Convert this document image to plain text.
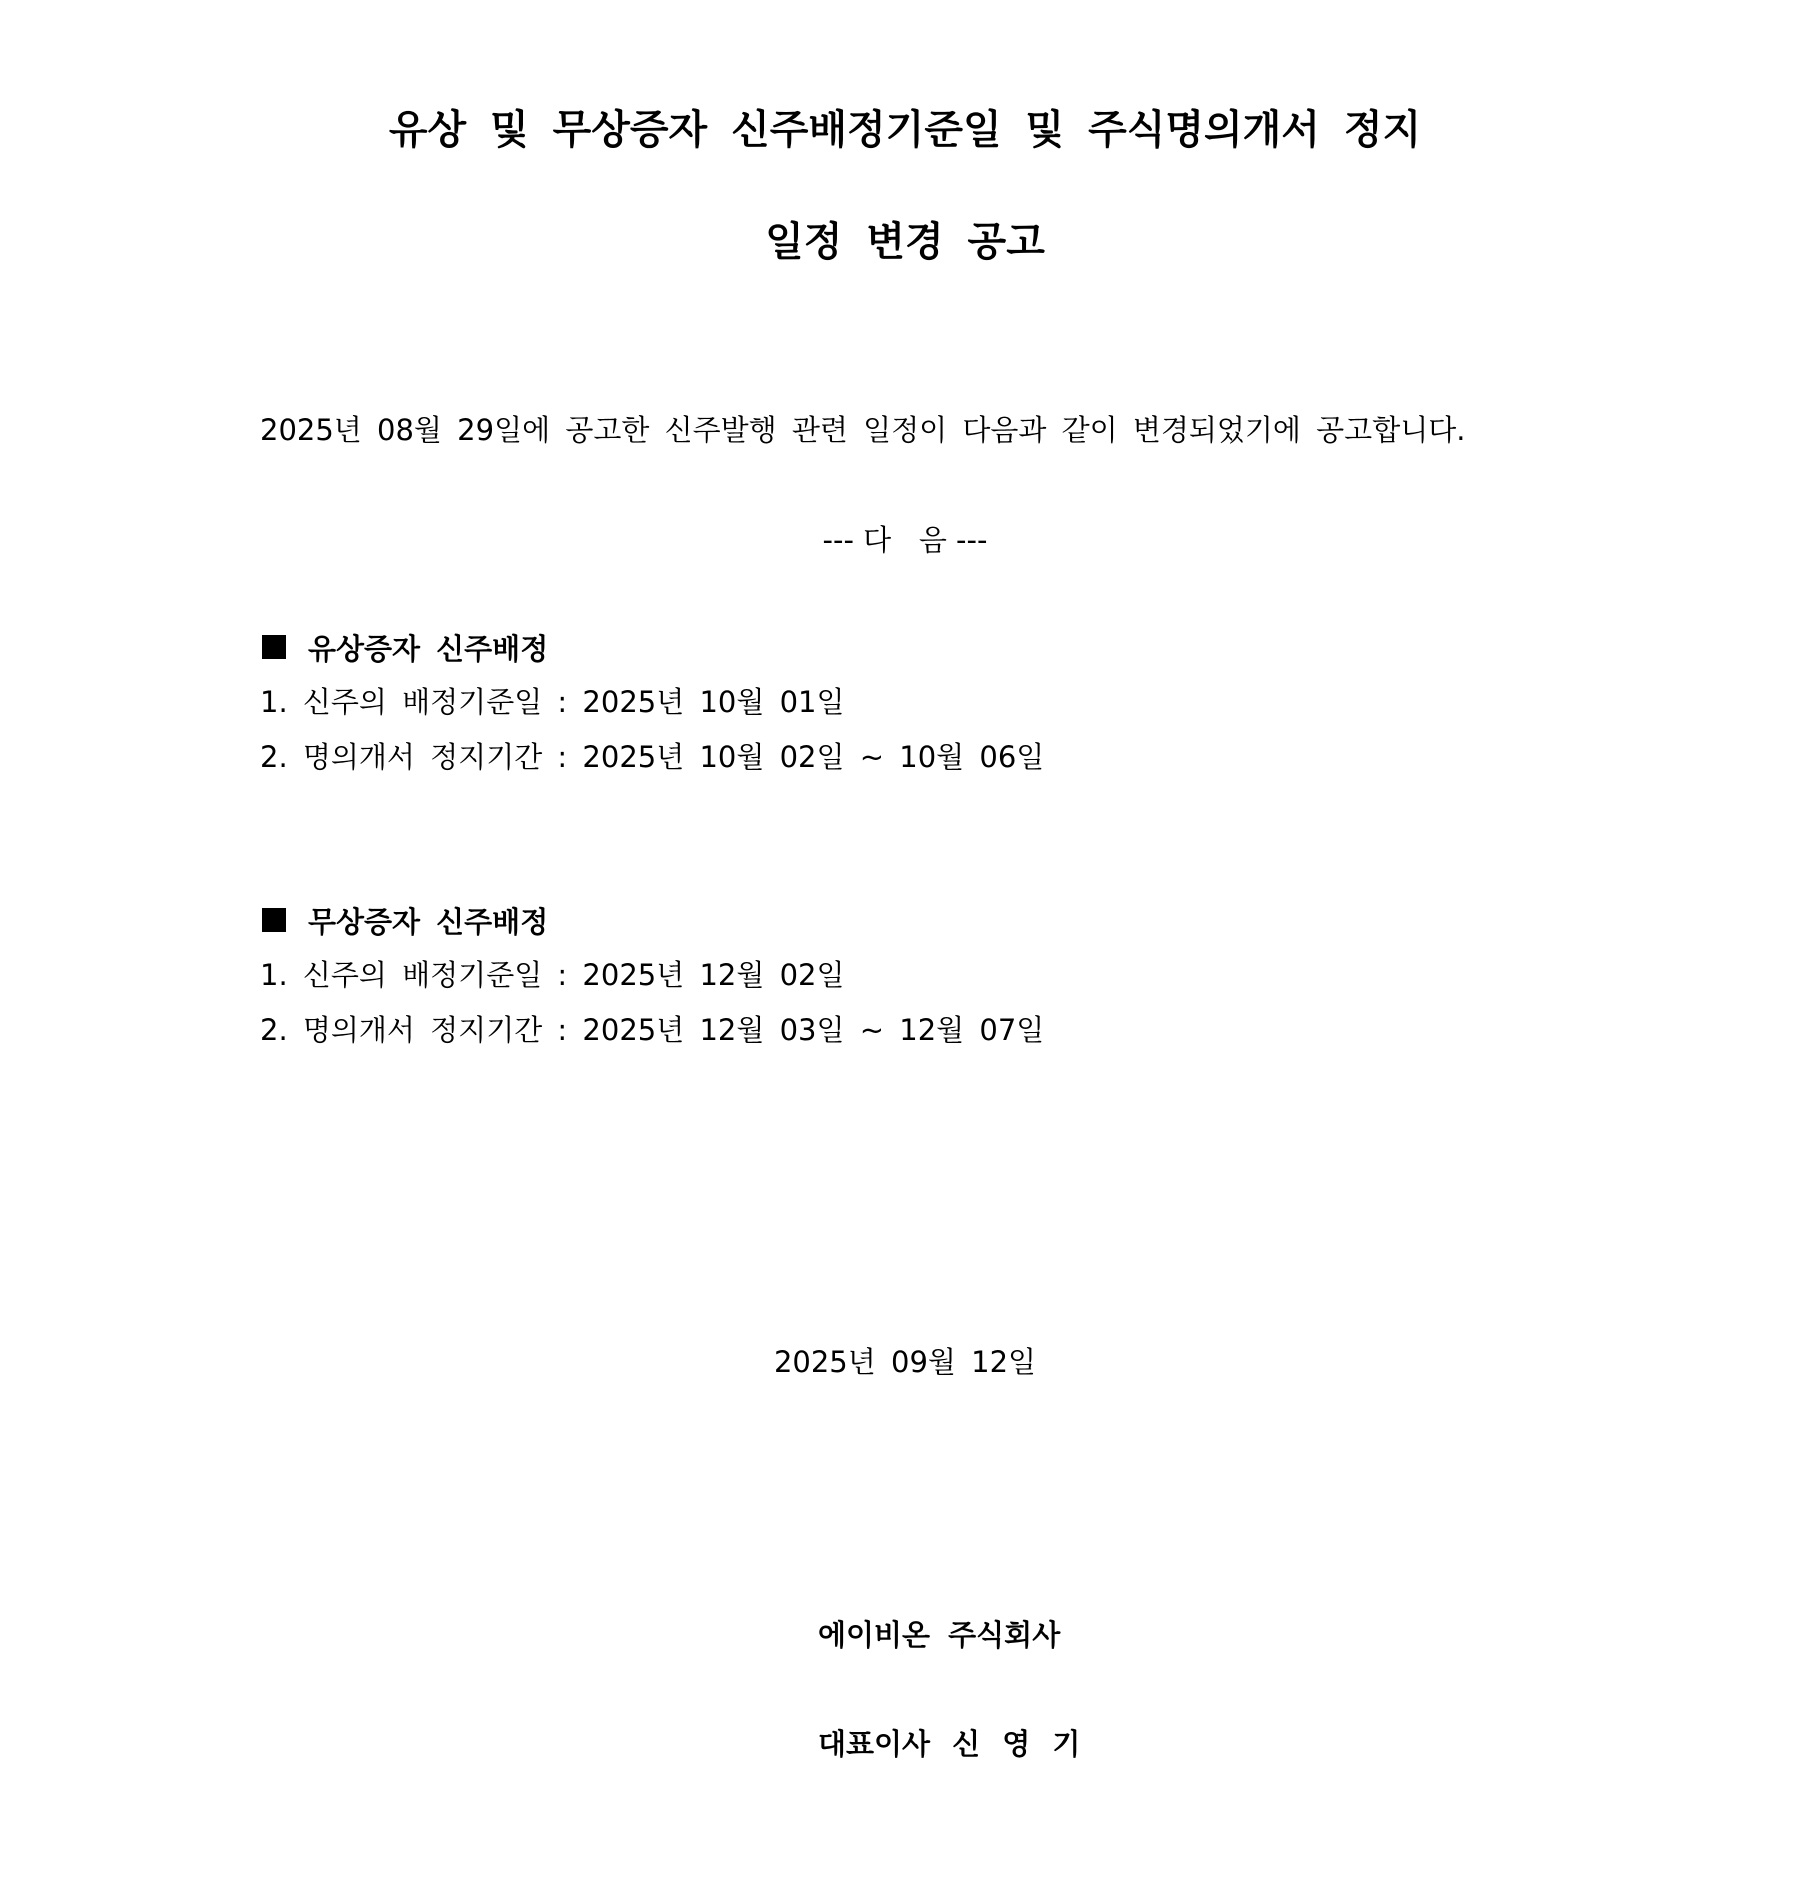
유상 및 무상증자 신주배정기준일 및 주식명의개서 정지
일정 변경 공고
2025년 08월 29일에 공고한 신주발행 관련 일정이 다음과 같이 변경되었기에 공고합니다.
--- 다   음 ---
유상증자 신주배정
1. 신주의 배정기준일 : 2025년 10월 01일
2. 명의개서 정지기간 : 2025년 10월 02일 ~ 10월 06일
무상증자 신주배정
1. 신주의 배정기준일 : 2025년 12월 02일
2. 명의개서 정지기간 : 2025년 12월 03일 ~ 12월 07일
2025년 09월 12일
에이비온 주식회사
대표이사 신 영 기
